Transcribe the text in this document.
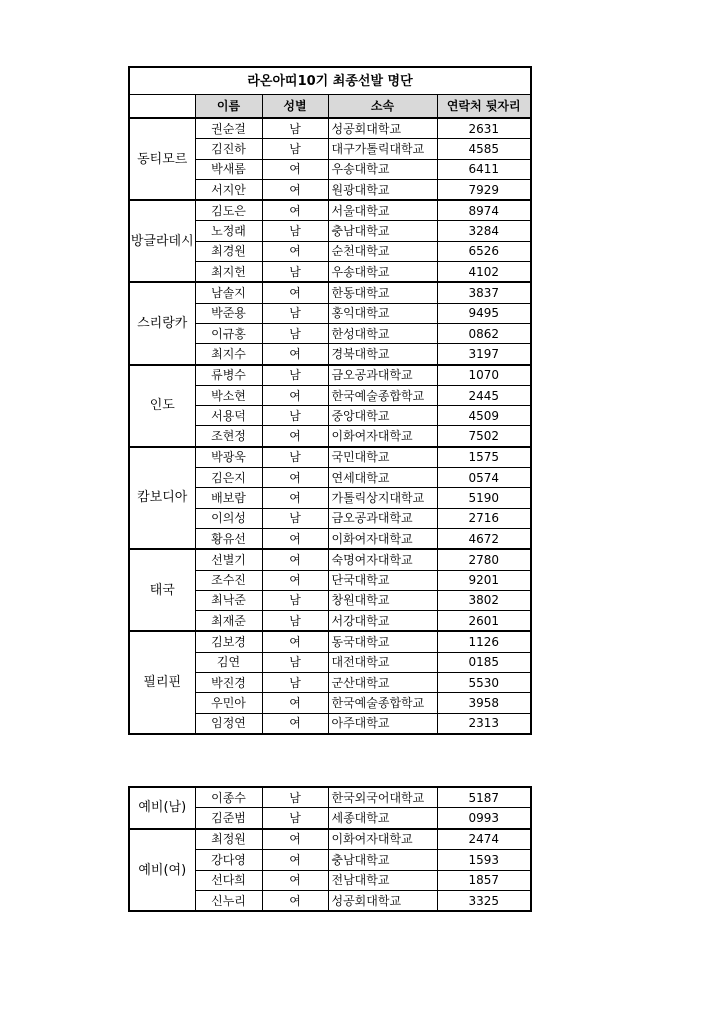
라온아띠10기 최종선발 명단				
	이름	성별	소속	연락처 뒷자리
동티모르	권순걸	남	성공회대학교	2631
	김진하	남	대구가톨릭대학교	4585
	박새롬	여	우송대학교	6411
	서지안	여	원광대학교	7929
방글라데시	김도은	여	서울대학교	8974
	노정래	남	충남대학교	3284
	최경원	여	순천대학교	6526
	최지헌	남	우송대학교	4102
스리랑카	남솔지	여	한동대학교	3837
	박준용	남	홍익대학교	9495
	이규홍	남	한성대학교	0862
	최지수	여	경북대학교	3197
인도	류병수	남	금오공과대학교	1070
	박소현	여	한국예술종합학교	2445
	서용덕	남	중앙대학교	4509
	조현정	여	이화여자대학교	7502
캄보디아	박광욱	남	국민대학교	1575
	김은지	여	연세대학교	0574
	배보람	여	가톨릭상지대학교	5190
	이의성	남	금오공과대학교	2716
	황유선	여	이화여자대학교	4672
태국	선별기	여	숙명여자대학교	2780
	조수진	여	단국대학교	9201
	최낙준	남	창원대학교	3802
	최재준	남	서강대학교	2601
필리핀	김보경	여	동국대학교	1126
	김연	남	대전대학교	0185
	박진경	남	군산대학교	5530
	우민아	여	한국예술종합학교	3958
	임정연	여	아주대학교	2313
예비(남)	이종수	남	한국외국어대학교	5187
	김준범	남	세종대학교	0993
예비(여)	최정원	여	이화여자대학교	2474
	강다영	여	충남대학교	1593
	선다희	여	전남대학교	1857
	신누리	여	성공회대학교	3325
